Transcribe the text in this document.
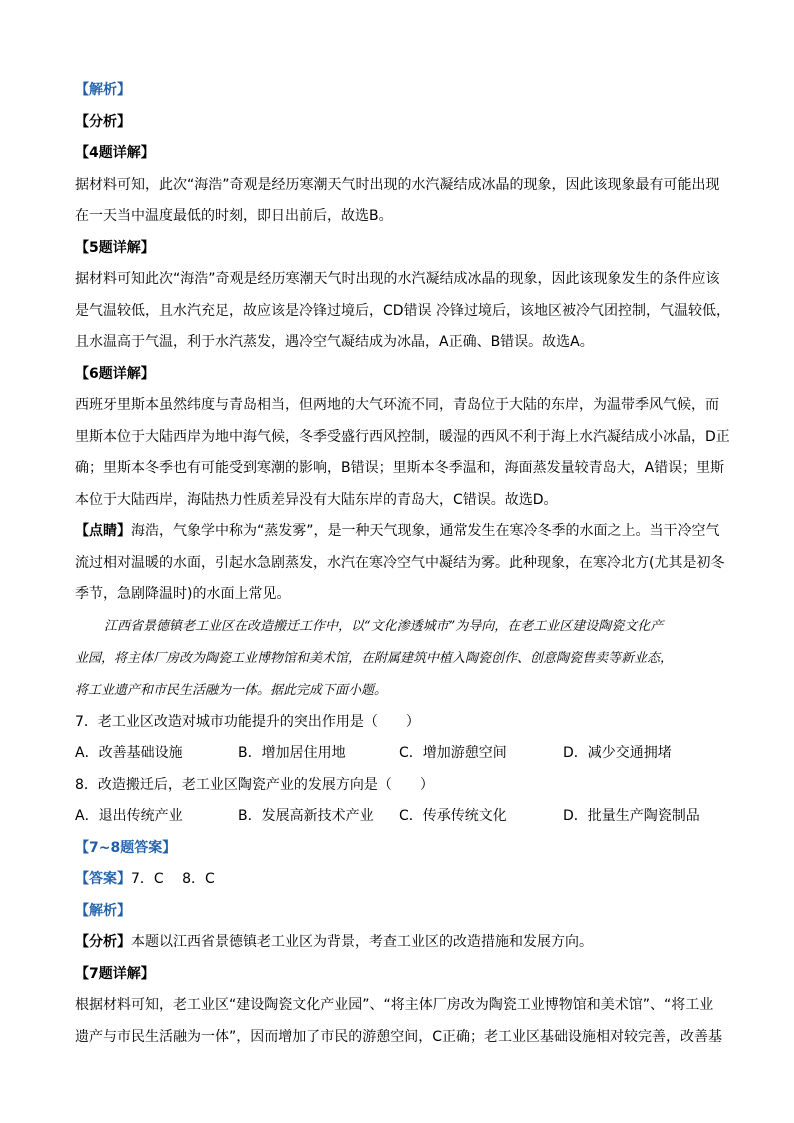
【解析】
【分析】
【4题详解】
据材料可知，此次“海浩”奇观是经历寒潮天气时出现的水汽凝结成冰晶的现象，因此该现象最有可能出现
在一天当中温度最低的时刻，即日出前后，故选B。
【5题详解】
据材料可知此次“海浩”奇观是经历寒潮天气时出现的水汽凝结成冰晶的现象，因此该现象发生的条件应该
是气温较低，且水汽充足，故应该是冷锋过境后，CD错误 冷锋过境后，该地区被冷气团控制，气温较低，
且水温高于气温，利于水汽蒸发，遇冷空气凝结成为冰晶，A正确、B错误。故选A。
【6题详解】
西班牙里斯本虽然纬度与青岛相当，但两地的大气环流不同，青岛位于大陆的东岸，为温带季风气候，而
里斯本位于大陆西岸为地中海气候，冬季受盛行西风控制，暖湿的西风不利于海上水汽凝结成小冰晶，D正
确；里斯本冬季也有可能受到寒潮的影响，B错误；里斯本冬季温和，海面蒸发量较青岛大，A错误；里斯
本位于大陆西岸，海陆热力性质差异没有大陆东岸的青岛大，C错误。故选D。
【点睛】海浩，气象学中称为“蒸发雾”，是一种天气现象，通常发生在寒冷冬季的水面之上。当干冷空气
流过相对温暖的水面，引起水急剧蒸发，水汽在寒冷空气中凝结为雾。此种现象，在寒冷北方(尤其是初冬
季节，急剧降温时)的水面上常见。
江西省景德镇老工业区在改造搬迁工作中，以“文化渗透城市”为导向，在老工业区建设陶瓷文化产
业园，将主体厂房改为陶瓷工业博物馆和美术馆，在附属建筑中植入陶瓷创作、创意陶瓷售卖等新业态，
将工业遗产和市民生活融为一体。据此完成下面小题。
7．老工业区改造对城市功能提升的突出作用是（　　）
A．改善基础设施	B．增加居住用地	C．增加游憩空间	D．减少交通拥堵
8．改造搬迁后，老工业区陶瓷产业的发展方向是（　　）
A．退出传统产业	B．发展高新技术产业	C．传承传统文化	D．批量生产陶瓷制品
【7~8题答案】
【答案】7．C　 8．C
【解析】
【分析】本题以江西省景德镇老工业区为背景，考查工业区的改造措施和发展方向。
【7题详解】
根据材料可知，老工业区“建设陶瓷文化产业园”、“将主体厂房改为陶瓷工业博物馆和美术馆”、“将工业
遗产与市民生活融为一体”，因而增加了市民的游憩空间，C正确；老工业区基础设施相对较完善，改善基
